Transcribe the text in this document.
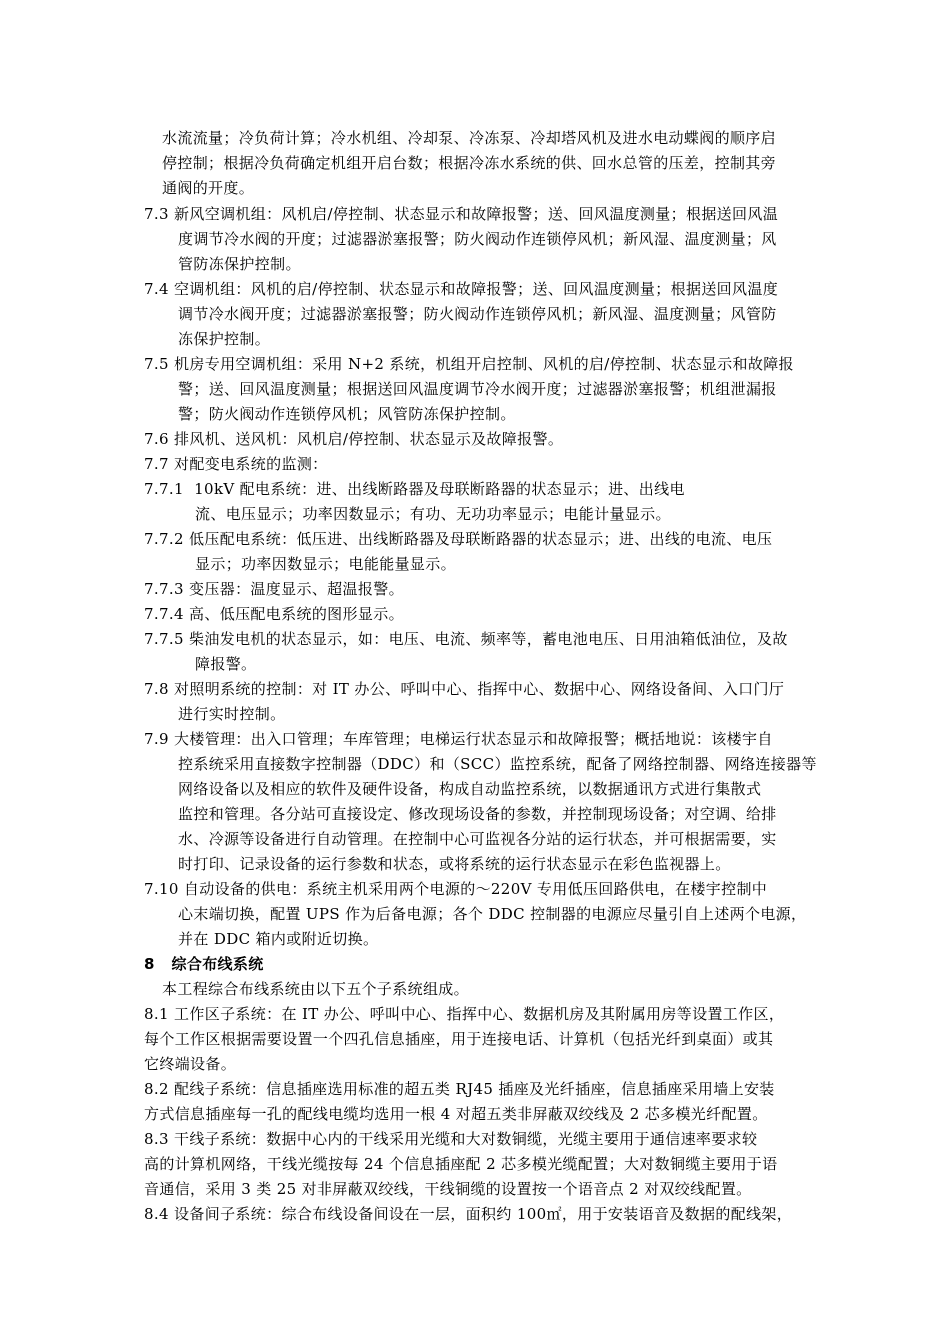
水流流量；冷负荷计算；冷水机组、冷却泵、冷冻泵、冷却塔风机及进水电动蝶阀的顺序启
停控制；根据冷负荷确定机组开启台数；根据冷冻水系统的供、回水总管的压差，控制其旁
通阀的开度。
7.3 新风空调机组：风机启/停控制、状态显示和故障报警；送、回风温度测量；根据送回风温
度调节冷水阀的开度；过滤器淤塞报警；防火阀动作连锁停风机；新风湿、温度测量；风
管防冻保护控制。
7.4 空调机组：风机的启/停控制、状态显示和故障报警；送、回风温度测量；根据送回风温度
调节冷水阀开度；过滤器淤塞报警；防火阀动作连锁停风机；新风湿、温度测量；风管防
冻保护控制。
7.5 机房专用空调机组：采用 N+2 系统，机组开启控制、风机的启/停控制、状态显示和故障报
警；送、回风温度测量；根据送回风温度调节冷水阀开度；过滤器淤塞报警；机组泄漏报
警；防火阀动作连锁停风机；风管防冻保护控制。
7.6 排风机、送风机：风机启/停控制、状态显示及故障报警。
7.7 对配变电系统的监测：
7.7.1  10kV 配电系统：进、出线断路器及母联断路器的状态显示；进、出线电
流、电压显示；功率因数显示；有功、无功功率显示；电能计量显示。
7.7.2 低压配电系统：低压进、出线断路器及母联断路器的状态显示；进、出线的电流、电压
显示；功率因数显示；电能能量显示。
7.7.3 变压器：温度显示、超温报警。
7.7.4 高、低压配电系统的图形显示。
7.7.5 柴油发电机的状态显示，如：电压、电流、频率等，蓄电池电压、日用油箱低油位，及故
障报警。
7.8 对照明系统的控制：对 IT 办公、呼叫中心、指挥中心、数据中心、网络设备间、入口门厅
进行实时控制。
7.9 大楼管理：出入口管理；车库管理；电梯运行状态显示和故障报警；概括地说：该楼宇自
控系统采用直接数字控制器（DDC）和（SCC）监控系统，配备了网络控制器、网络连接器等
网络设备以及相应的软件及硬件设备，构成自动监控系统，以数据通讯方式进行集散式
监控和管理。各分站可直接设定、修改现场设备的参数，并控制现场设备；对空调、给排
水、冷源等设备进行自动管理。在控制中心可监视各分站的运行状态，并可根据需要，实
时打印、记录设备的运行参数和状态，或将系统的运行状态显示在彩色监视器上。
7.10 自动设备的供电：系统主机采用两个电源的～220V 专用低压回路供电，在楼宇控制中
心末端切换，配置 UPS 作为后备电源；各个 DDC 控制器的电源应尽量引自上述两个电源，
并在 DDC 箱内或附近切换。
8   综合布线系统
本工程综合布线系统由以下五个子系统组成。
8.1 工作区子系统：在 IT 办公、呼叫中心、指挥中心、数据机房及其附属用房等设置工作区，
每个工作区根据需要设置一个四孔信息插座，用于连接电话、计算机（包括光纤到桌面）或其
它终端设备。
8.2 配线子系统：信息插座选用标准的超五类 RJ45 插座及光纤插座，信息插座采用墙上安装
方式信息插座每一孔的配线电缆均选用一根 4 对超五类非屏蔽双绞线及 2 芯多模光纤配置。
8.3 干线子系统：数据中心内的干线采用光缆和大对数铜缆，光缆主要用于通信速率要求较
高的计算机网络，干线光缆按每 24 个信息插座配 2 芯多模光缆配置；大对数铜缆主要用于语
音通信，采用 3 类 25 对非屏蔽双绞线，干线铜缆的设置按一个语音点 2 对双绞线配置。
8.4 设备间子系统：综合布线设备间设在一层，面积约 100㎡，用于安装语音及数据的配线架，
